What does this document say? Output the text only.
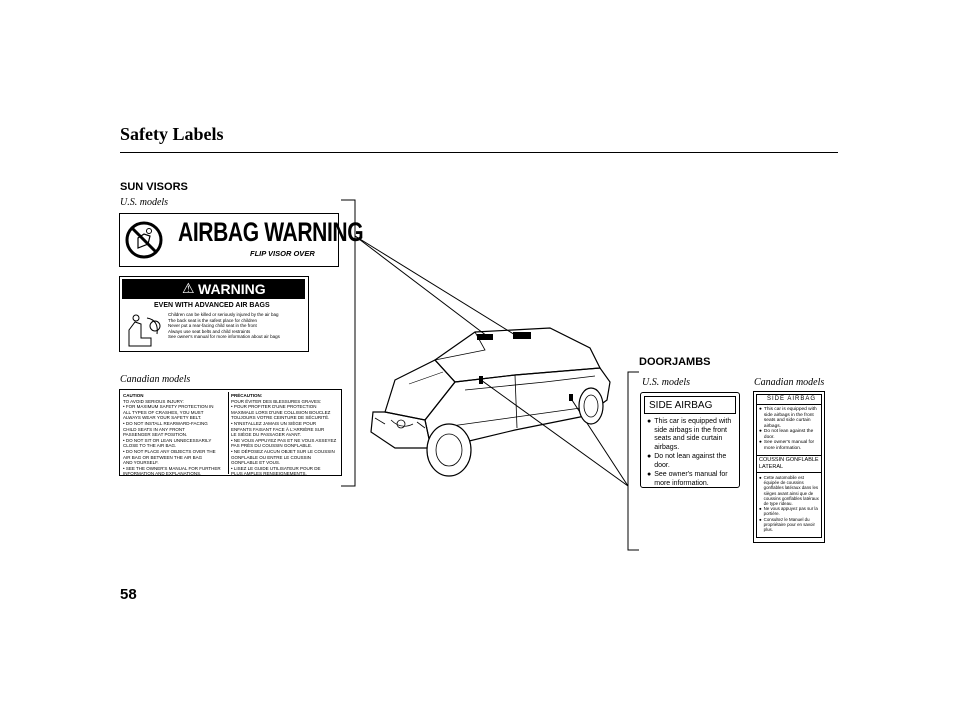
Safety Labels
SUN VISORS
U.S. models
AIRBAG WARNING
FLIP VISOR OVER
⚠ WARNING
EVEN WITH ADVANCED AIR BAGS
Children can be killed or seriously injured by the air bag
The back seat is the safest place for children
Never put a rear-facing child seat in the front
Always use seat belts and child restraints
See owner's manual for more information about air bags
Canadian models
CAUTION
TO AVOID SERIOUS INJURY:
• FOR MAXIMUM SAFETY PROTECTION IN
ALL TYPES OF CRASHES, YOU MUST
ALWAYS WEAR YOUR SAFETY BELT.
• DO NOT INSTALL REARWARD-FACING
CHILD SEATS IN ANY FRONT
PASSENGER SEAT POSITION.
• DO NOT SIT OR LEAN UNNECESSARILY
CLOSE TO THE AIR BAG.
• DO NOT PLACE ANY OBJECTS OVER THE
AIR BAG OR BETWEEN THE AIR BAG
AND YOURSELF.
• SEE THE OWNER'S MANUAL FOR FURTHER
INFORMATION AND EXPLANATIONS.
PRÉCAUTION:
POUR ÉVITER DES BLESSURES GRAVES:
• POUR PROFITER D'UNE PROTECTION
MAXIMALE LORS D'UNE COLLISION BOUCLEZ
TOUJOURS VOTRE CEINTURE DE SÉCURITÉ.
• N'INSTALLEZ JAMAIS UN SIÈGE POUR
ENFANTS FAISANT FACE À L'ARRIÈRE SUR
LE SIÈGE DU PASSAGER AVANT.
• NE VOUS APPUYEZ PAS ET NE VOUS ASSEYEZ
PAS PRÈS DU COUSSIN GONFLABLE.
• NE DÉPOSEZ AUCUN OBJET SUR LE COUSSIN
GONFLABLE OU ENTRE LE COUSSIN
GONFLABLE ET VOUS.
• LISEZ LE GUIDE UTILISATEUR POUR DE
PLUS AMPLES RENSEIGNEMENTS.
DOORJAMBS
U.S. models	Canadian models
SIDE AIRBAG
● This car is equipped with side airbags in the front seats and side curtain airbags.
● Do not lean against the door.
● See owner's manual for more information.
SIDE AIRBAG
● This car is equipped with side airbags in the front seats and side curtain airbags.
● Do not lean against the door.
● See owner's manual for more information.
COUSSIN GONFLABLE LATERAL
● Cette automobile est équipée de coussins gonflables latéraux dans les sièges avant ainsi que de coussins gonflables latéraux de type rideau.
● Ne vous appuyez pas sur la portière.
● Consultez le Manuel du propriétaire pour en savoir plus.
58
